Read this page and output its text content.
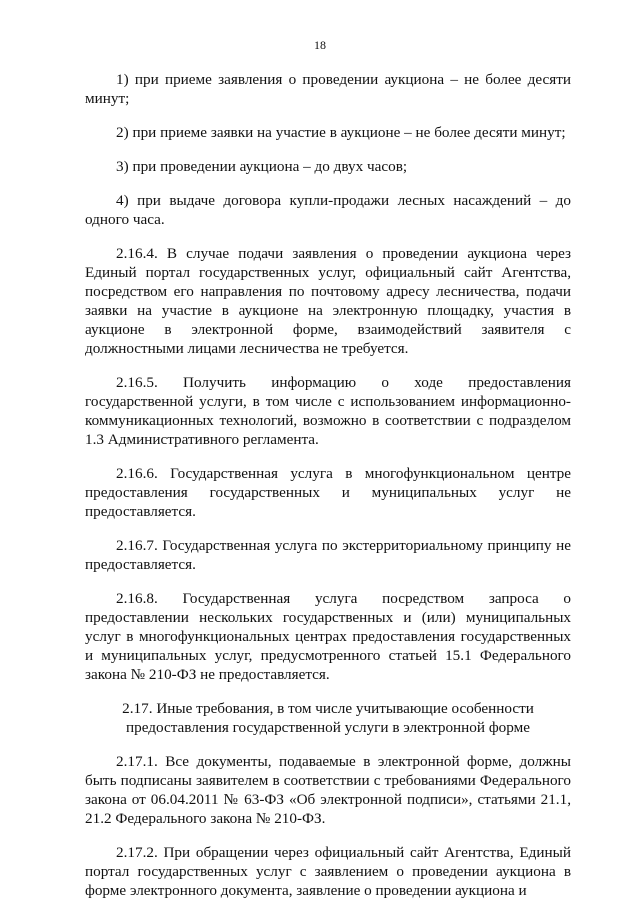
18

1) при приеме заявления о проведении аукциона – не более десяти минут;

2) при приеме заявки на участие в аукционе – не более десяти минут;

3) при проведении аукциона – до двух часов;

4) при выдаче договора купли-продажи лесных насаждений – до одного часа.

2.16.4. В случае подачи заявления о проведении аукциона через Единый портал государственных услуг, официальный сайт Агентства, посредством его направления по почтовому адресу лесничества, подачи заявки на участие в аукционе на электронную площадку, участия в аукционе в электронной форме, взаимодействий заявителя с должностными лицами лесничества не требуется.

2.16.5. Получить информацию о ходе предоставления государственной услуги, в том числе с использованием информационно-коммуникационных технологий, возможно в соответствии с подразделом 1.3 Административного регламента.

2.16.6. Государственная услуга в многофункциональном центре предоставления государственных и муниципальных услуг не предоставляется.

2.16.7. Государственная услуга по экстерриториальному принципу не предоставляется.

2.16.8. Государственная услуга посредством запроса о предоставлении нескольких государственных и (или) муниципальных услуг в многофункциональных центрах предоставления государственных и муниципальных услуг, предусмотренного статьей 15.1 Федерального закона № 210-ФЗ не предоставляется.

2.17. Иные требования, в том числе учитывающие особенности
предоставления государственной услуги в электронной форме

2.17.1. Все документы, подаваемые в электронной форме, должны быть подписаны заявителем в соответствии с требованиями Федерального закона от 06.04.2011 № 63-ФЗ «Об электронной подписи», статьями 21.1, 21.2 Федерального закона № 210-ФЗ.

2.17.2. При обращении через официальный сайт Агентства, Единый портал государственных услуг с заявлением о проведении аукциона в форме электронного документа, заявление о проведении аукциона и
